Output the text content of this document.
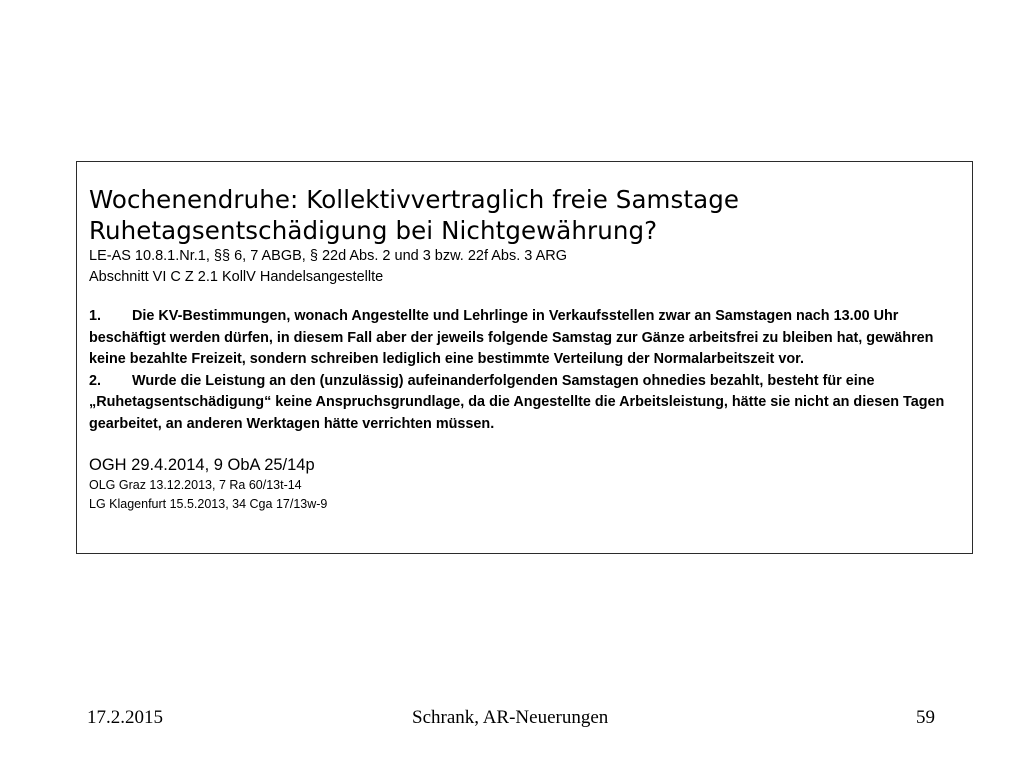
Wochenendruhe: Kollektivvertraglich freie Samstage
Ruhetagsentschädigung bei Nichtgewährung?
LE-AS 10.8.1.Nr.1, §§ 6, 7 ABGB, § 22d Abs. 2 und 3 bzw. 22f Abs. 3 ARG
Abschnitt VI C Z 2.1 KollV Handelsangestellte

1. Die KV-Bestimmungen, wonach Angestellte und Lehrlinge in Verkaufsstellen zwar an Samstagen nach 13.00 Uhr beschäftigt werden dürfen, in diesem Fall aber der jeweils folgende Samstag zur Gänze arbeitsfrei zu bleiben hat, gewähren keine bezahlte Freizeit, sondern schreiben lediglich eine bestimmte Verteilung der Normalarbeitszeit vor.

2. Wurde die Leistung an den (unzulässig) aufeinanderfolgenden Samstagen ohnedies bezahlt, besteht für eine „Ruhetagsentschädigung“ keine Anspruchsgrundlage, da die Angestellte die Arbeitsleistung, hätte sie nicht an diesen Tagen gearbeitet, an anderen Werktagen hätte verrichten müssen.

OGH 29.4.2014, 9 ObA 25/14p
OLG Graz 13.12.2013, 7 Ra 60/13t-14
LG Klagenfurt 15.5.2013, 34 Cga 17/13w-9
17.2.2015	Schrank, AR-Neuerungen	59
